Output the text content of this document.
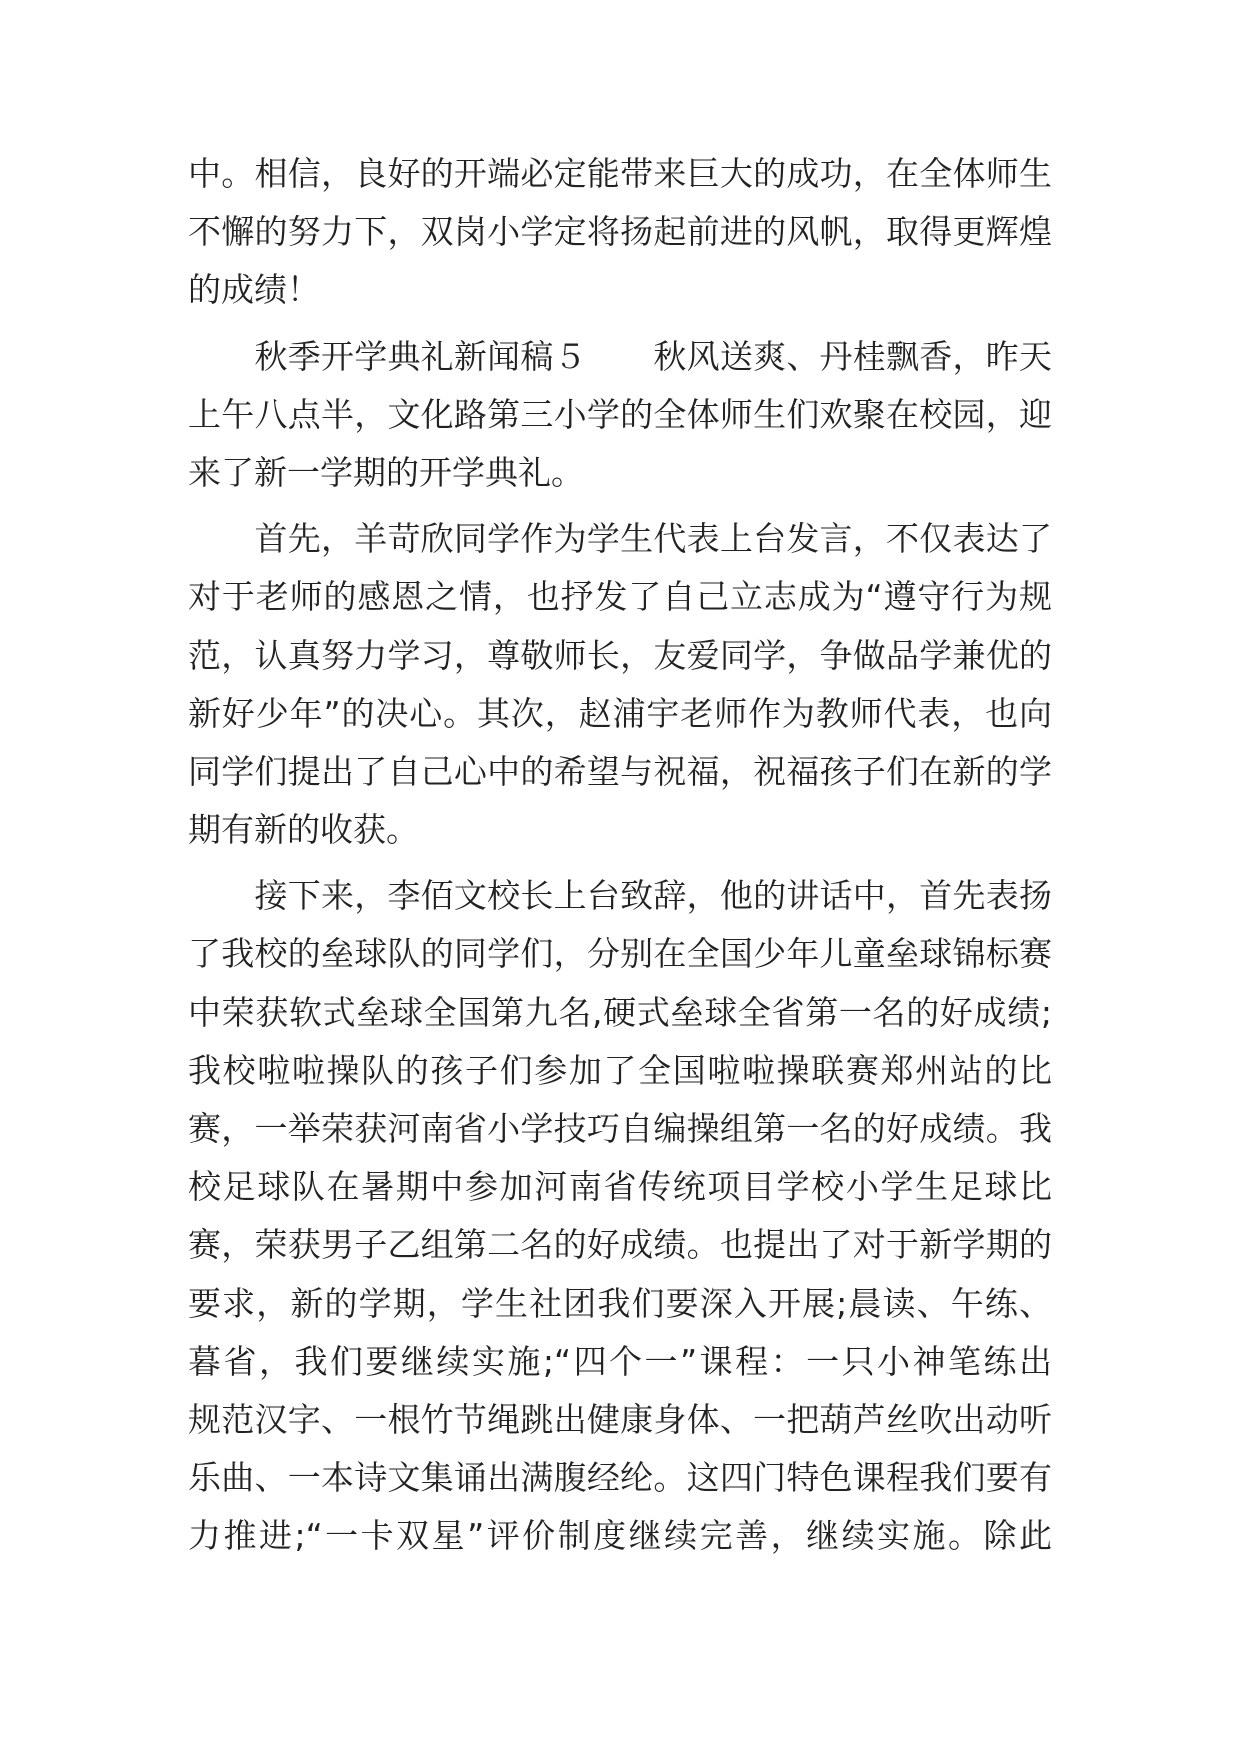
中。相信，良好的开端必定能带来巨大的成功，在全体师生
不懈的努力下，双岗小学定将扬起前进的风帆，取得更辉煌
的成绩！
　　秋季开学典礼新闻稿５　　秋风送爽、丹桂飘香，昨天
上午八点半，文化路第三小学的全体师生们欢聚在校园，迎
来了新一学期的开学典礼。
　　首先，羊苛欣同学作为学生代表上台发言，不仅表达了
对于老师的感恩之情，也抒发了自己立志成为“遵守行为规
范，认真努力学习，尊敬师长，友爱同学，争做品学兼优的
新好少年”的决心。其次，赵浦宇老师作为教师代表，也向
同学们提出了自己心中的希望与祝福，祝福孩子们在新的学
期有新的收获。
　　接下来，李佰文校长上台致辞，他的讲话中，首先表扬
了我校的垒球队的同学们，分别在全国少年儿童垒球锦标赛
中荣获软式垒球全国第九名,硬式垒球全省第一名的好成绩;
我校啦啦操队的孩子们参加了全国啦啦操联赛郑州站的比
赛，一举荣获河南省小学技巧自编操组第一名的好成绩。我
校足球队在暑期中参加河南省传统项目学校小学生足球比
赛，荣获男子乙组第二名的好成绩。也提出了对于新学期的
要求，新的学期，学生社团我们要深入开展;晨读、午练、
暮省，我们要继续实施;“四个一”课程：一只小神笔练出
规范汉字、一根竹节绳跳出健康身体、一把葫芦丝吹出动听
乐曲、一本诗文集诵出满腹经纶。这四门特色课程我们要有
力推进;“一卡双星”评价制度继续完善，继续实施。除此
